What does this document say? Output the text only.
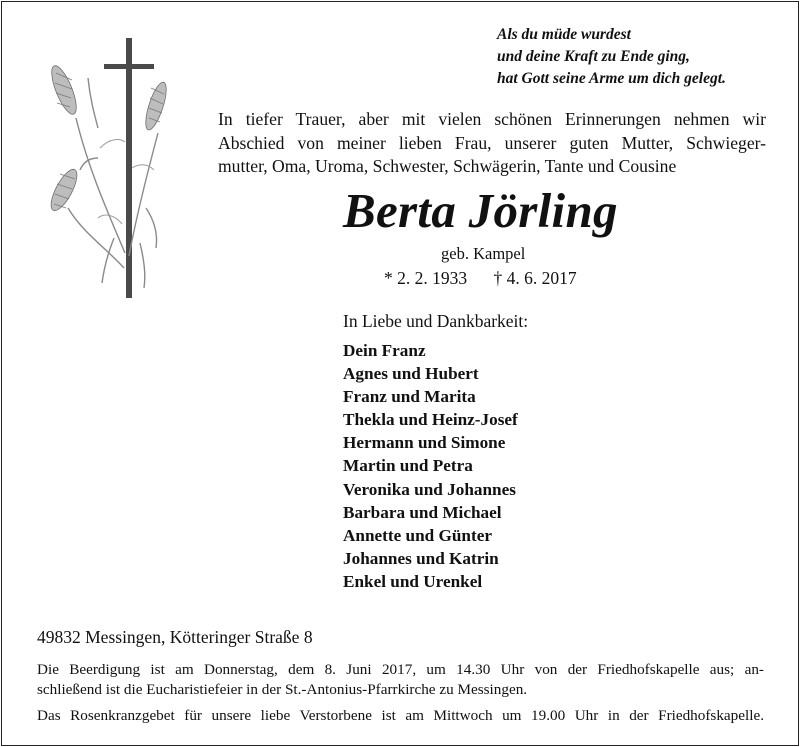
Als du müde wurdest
und deine Kraft zu Ende ging,
hat Gott seine Arme um dich gelegt.
In tiefer Trauer, aber mit vielen schönen Erinnerungen nehmen wir
Abschied von meiner lieben Frau, unserer guten Mutter, Schwieger-
mutter, Oma, Uroma, Schwester, Schwägerin, Tante und Cousine
Berta Jörling
geb. Kampel
* 2. 2. 1933 † 4. 6. 2017
In Liebe und Dankbarkeit:
Dein Franz
Agnes und Hubert
Franz und Marita
Thekla und Heinz-Josef
Hermann und Simone
Martin und Petra
Veronika und Johannes
Barbara und Michael
Annette und Günter
Johannes und Katrin
Enkel und Urenkel
49832 Messingen, Kötteringer Straße 8
Die Beerdigung ist am Donnerstag, dem 8. Juni 2017, um 14.30 Uhr von der Friedhofskapelle aus; an-
schließend ist die Eucharistiefeier in der St.-Antonius-Pfarrkirche zu Messingen.
Das Rosenkranzgebet für unsere liebe Verstorbene ist am Mittwoch um 19.00 Uhr in der Friedhofskapelle.
